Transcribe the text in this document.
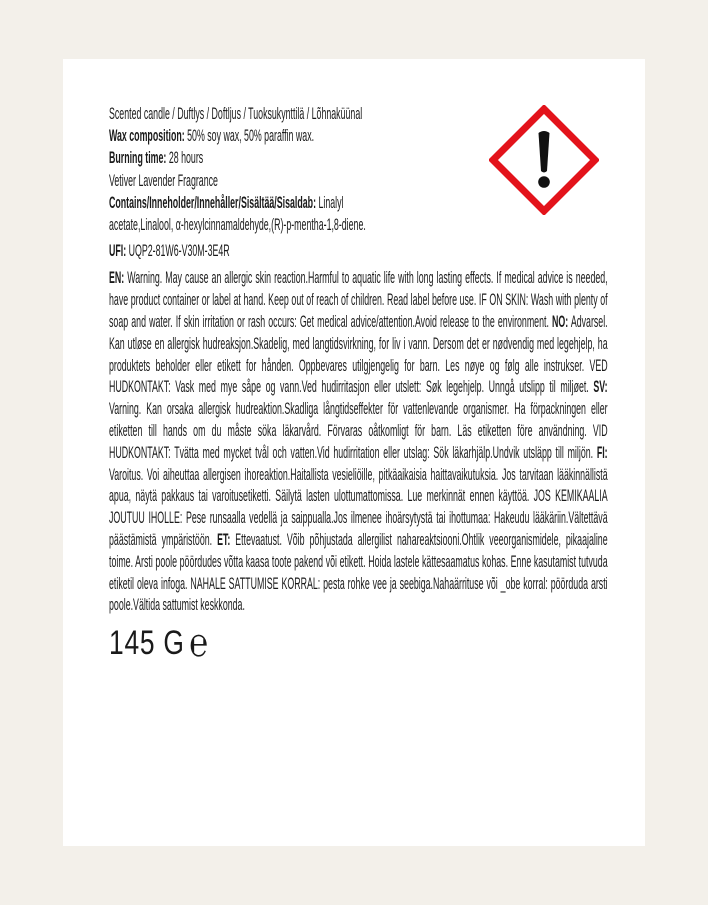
Scented candle / Duftlys / Doftljus / Tuoksukynttilä / Lõhnaküünal
Wax composition: 50% soy wax, 50% paraffin wax.
Burning time: 28 hours
Vetiver Lavender Fragrance
Contains/Inneholder/Innehåller/Sisältää/Sisaldab: Linalyl
acetate,Linalool, α-hexylcinnamaldehyde,(R)-p-mentha-1,8-diene.
UFI: UQP2-81W6-V30M-3E4R
EN: Warning. May cause an allergic skin reaction.Harmful to aquatic life with long lasting effects. If medical advice is needed, have product container or label at hand. Keep out of reach of children. Read label before use. IF ON SKIN: Wash with plenty of soap and water. If skin irritation or rash occurs: Get medical advice/attention.Avoid release to the environment. NO: Advarsel. Kan utløse en allergisk hudreaksjon.Skadelig, med langtidsvirkning, for liv i vann. Dersom det er nødvendig med legehjelp, ha produktets beholder eller etikett for hånden. Oppbevares utilgjengelig for barn. Les nøye og følg alle instrukser. VED HUDKONTAKT: Vask med mye såpe og vann.Ved hudirritasjon eller utslett: Søk legehjelp. Unngå utslipp til miljøet. SV: Varning. Kan orsaka allergisk hudreaktion.Skadliga långtidseffekter för vattenlevande organismer. Ha förpackningen eller etiketten till hands om du måste söka läkarvård. Förvaras oåtkomligt för barn. Läs etiketten före användning. VID HUDKONTAKT: Tvätta med mycket tvål och vatten.Vid hudirritation eller utslag: Sök läkarhjälp.Undvik utsläpp till miljön. FI: Varoitus. Voi aiheuttaa allergisen ihoreaktion.Haitallista vesieliöille, pitkäaikaisia haittavaikutuksia. Jos tarvitaan lääkinnällistä apua, näytä pakkaus tai varoitusetiketti. Säilytä lasten ulottumattomissa. Lue merkinnät ennen käyttöä. JOS KEMIKAALIA JOUTUU IHOLLE: Pese runsaalla vedellä ja saippualla.Jos ilmenee ihoärsytystä tai ihottumaa: Hakeudu lääkäriin.Vältettävä päästämistä ympäristöön. ET: Ettevaatust. Võib põhjustada allergilist nahareaktsiooni.Ohtlik veeorganismidele, pikaajaline toime. Arsti poole pöördudes võtta kaasa toote pakend või etikett. Hoida lastele kättesaamatus kohas. Enne kasutamist tutvuda etiketil oleva infoga. NAHALE SATTUMISE KORRAL: pesta rohke vee ja seebiga.Nahaärrituse või _obe korral: pöörduda arsti poole.Vältida sattumist keskkonda.
145 G ℮
